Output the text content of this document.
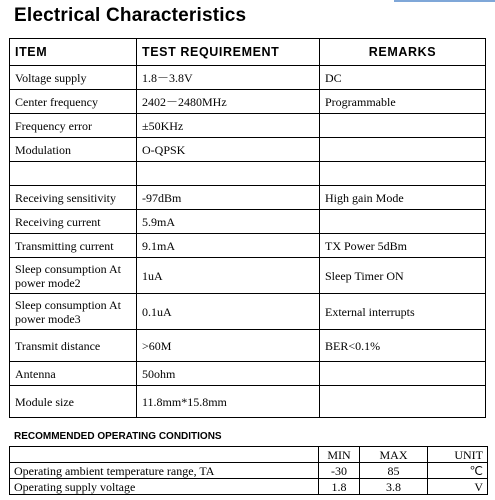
Electrical Characteristics
ITEM	TEST REQUIREMENT	REMARKS
Voltage supply	1.8－3.8V	DC
Center frequency	2402－2480MHz	Programmable
Frequency error	±50KHz	
Modulation	O-QPSK	

Receiving sensitivity	-97dBm	High gain Mode
Receiving current	5.9mA	
Transmitting current	9.1mA	TX Power 5dBm
Sleep consumption At power mode2	1uA	Sleep Timer ON
Sleep consumption At power mode3	0.1uA	External interrupts
Transmit distance	>60M	BER<0.1%
Antenna	50ohm	
Module size	11.8mm*15.8mm	
RECOMMENDED OPERATING CONDITIONS
	MIN	MAX	UNIT
Operating ambient temperature range, TA	-30	85	℃
Operating supply voltage	1.8	3.8	V
